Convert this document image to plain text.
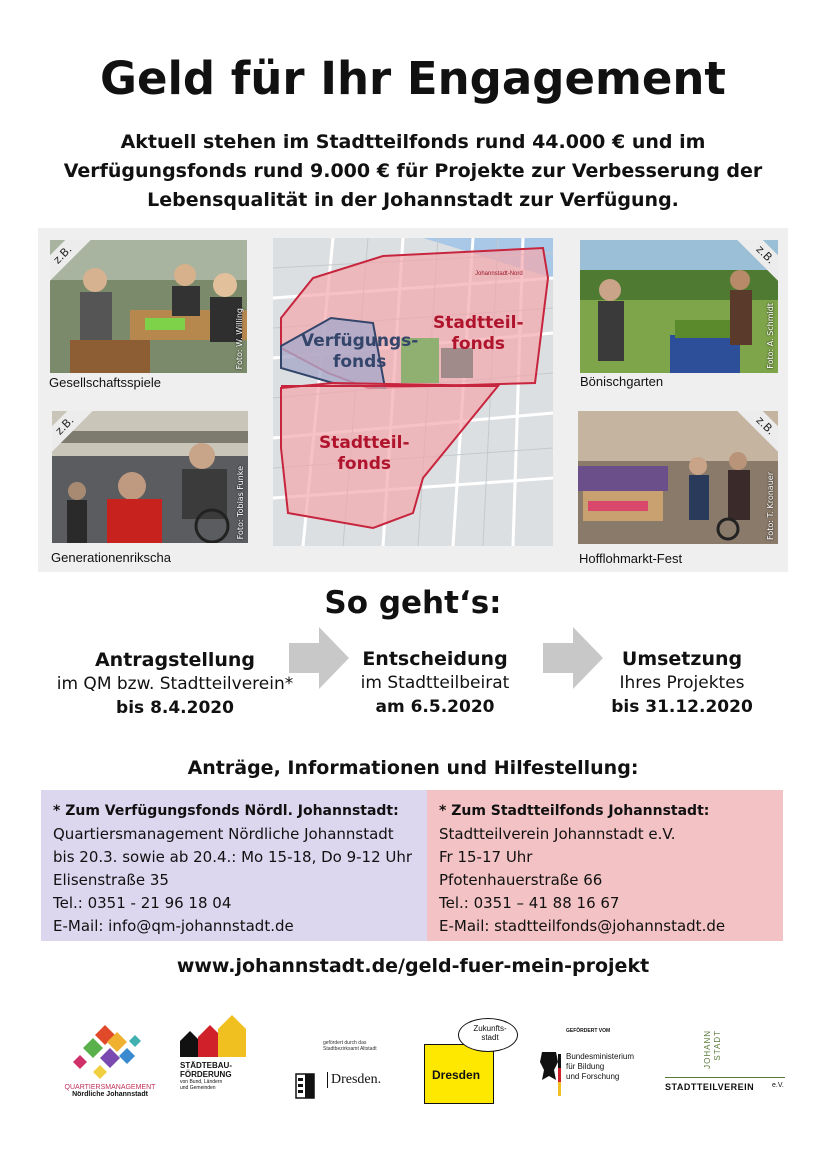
Geld für Ihr Engagement
Aktuell stehen im Stadtteilfonds rund 44.000 € und im Verfügungsfonds rund 9.000 € für Projekte zur Verbesserung der Lebensqualität in der Johannstadt zur Verfügung.
z.B.
Foto: W. Willing
Gesellschaftsspiele
z.B.
Foto: Tobias Funke
Generationenrikscha
z.B.
Foto: A. Schmidt
Bönischgarten
z.B.
Foto: T. Kronauer
Hofflohmarkt-Fest
Johannstadt-Nord
Verfügungs-
fonds
Stadtteil-
fonds
Stadtteil-
fonds
So geht‘s:
Antragstellung
im QM bzw. Stadtteilverein*
bis 8.4.2020
Entscheidung
im Stadtteilbeirat
am 6.5.2020
Umsetzung
Ihres Projektes
bis 31.12.2020
Anträge, Informationen und Hilfestellung:
* Zum Verfügungsfonds Nördl. Johannstadt:
Quartiersmanagement Nördliche Johannstadt
bis 20.3. sowie ab 20.4.: Mo 15-18, Do 9-12 Uhr
Elisenstraße 35
Tel.: 0351 - 21 96 18 04
E-Mail: info@qm-johannstadt.de
* Zum Stadtteilfonds Johannstadt:
Stadtteilverein Johannstadt e.V.
Fr 15-17 Uhr
Pfotenhauerstraße 66
Tel.: 0351 – 41 88 16 67
E-Mail: stadtteilfonds@johannstadt.de
www.johannstadt.de/geld-fuer-mein-projekt
QUARTIERSMANAGEMENT
Nördliche Johannstadt
STÄDTEBAU-
FÖRDERUNG
von Bund, Ländern und Gemeinden
gefördert durch das Stadtbezirksamt Altstadt
Dresden.	Dresden
Zukunfts-stadt
GEFÖRDERT VOM
Bundesministerium
für Bildung
und Forschung
JOHANN STADT
STADTTEILVEREIN	e.V.
